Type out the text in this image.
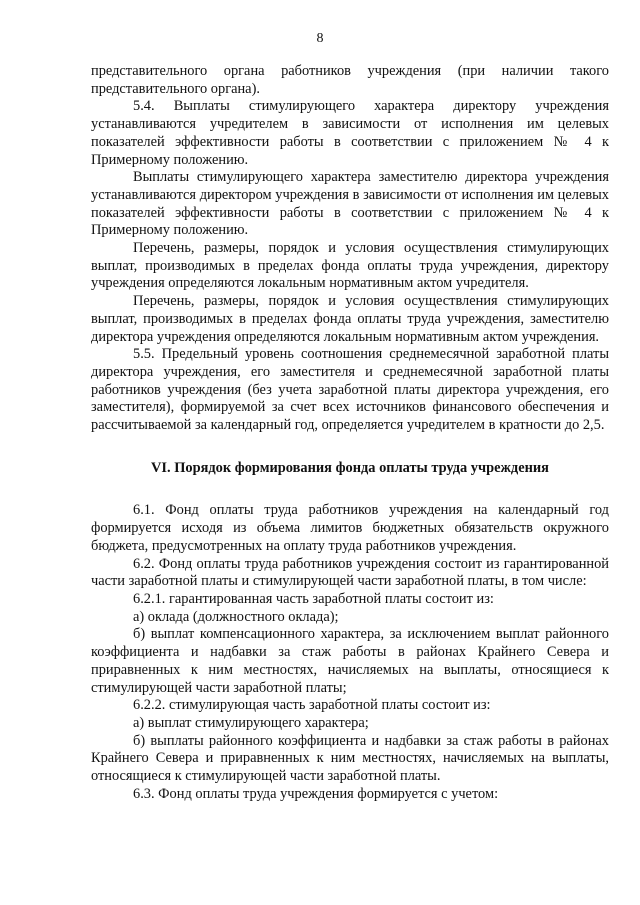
8

представительного органа работников учреждения (при наличии такого представительного органа).

5.4. Выплаты стимулирующего характера директору учреждения устанавливаются учредителем в зависимости от исполнения им целевых показателей эффективности работы в соответствии с приложением № 4 к Примерному положению.

Выплаты стимулирующего характера заместителю директора учреждения устанавливаются директором учреждения в зависимости от исполнения им целевых показателей эффективности работы в соответствии с приложением № 4 к Примерному положению.

Перечень, размеры, порядок и условия осуществления стимулирующих выплат, производимых в пределах фонда оплаты труда учреждения, директору учреждения определяются локальным нормативным актом учредителя.

Перечень, размеры, порядок и условия осуществления стимулирующих выплат, производимых в пределах фонда оплаты труда учреждения, заместителю директора учреждения определяются локальным нормативным актом учреждения.

5.5. Предельный уровень соотношения среднемесячной заработной платы директора учреждения, его заместителя и среднемесячной заработной платы работников учреждения (без учета заработной платы директора учреждения, его заместителя), формируемой за счет всех источников финансового обеспечения и рассчитываемой за календарный год, определяется учредителем в кратности до 2,5.

VI. Порядок формирования фонда оплаты труда учреждения

6.1. Фонд оплаты труда работников учреждения на календарный год формируется исходя из объема лимитов бюджетных обязательств окружного бюджета, предусмотренных на оплату труда работников учреждения.

6.2. Фонд оплаты труда работников учреждения состоит из гарантированной части заработной платы и стимулирующей части заработной платы, в том числе:

6.2.1. гарантированная часть заработной платы состоит из:

а) оклада (должностного оклада);

б) выплат компенсационного характера, за исключением выплат районного коэффициента и надбавки за стаж работы в районах Крайнего Севера и приравненных к ним местностях, начисляемых на выплаты, относящиеся к стимулирующей части заработной платы;

6.2.2. стимулирующая часть заработной платы состоит из:

а) выплат стимулирующего характера;

б) выплаты районного коэффициента и надбавки за стаж работы в районах Крайнего Севера и приравненных к ним местностях, начисляемых на выплаты, относящиеся к стимулирующей части заработной платы.

6.3. Фонд оплаты труда учреждения формируется с учетом:
